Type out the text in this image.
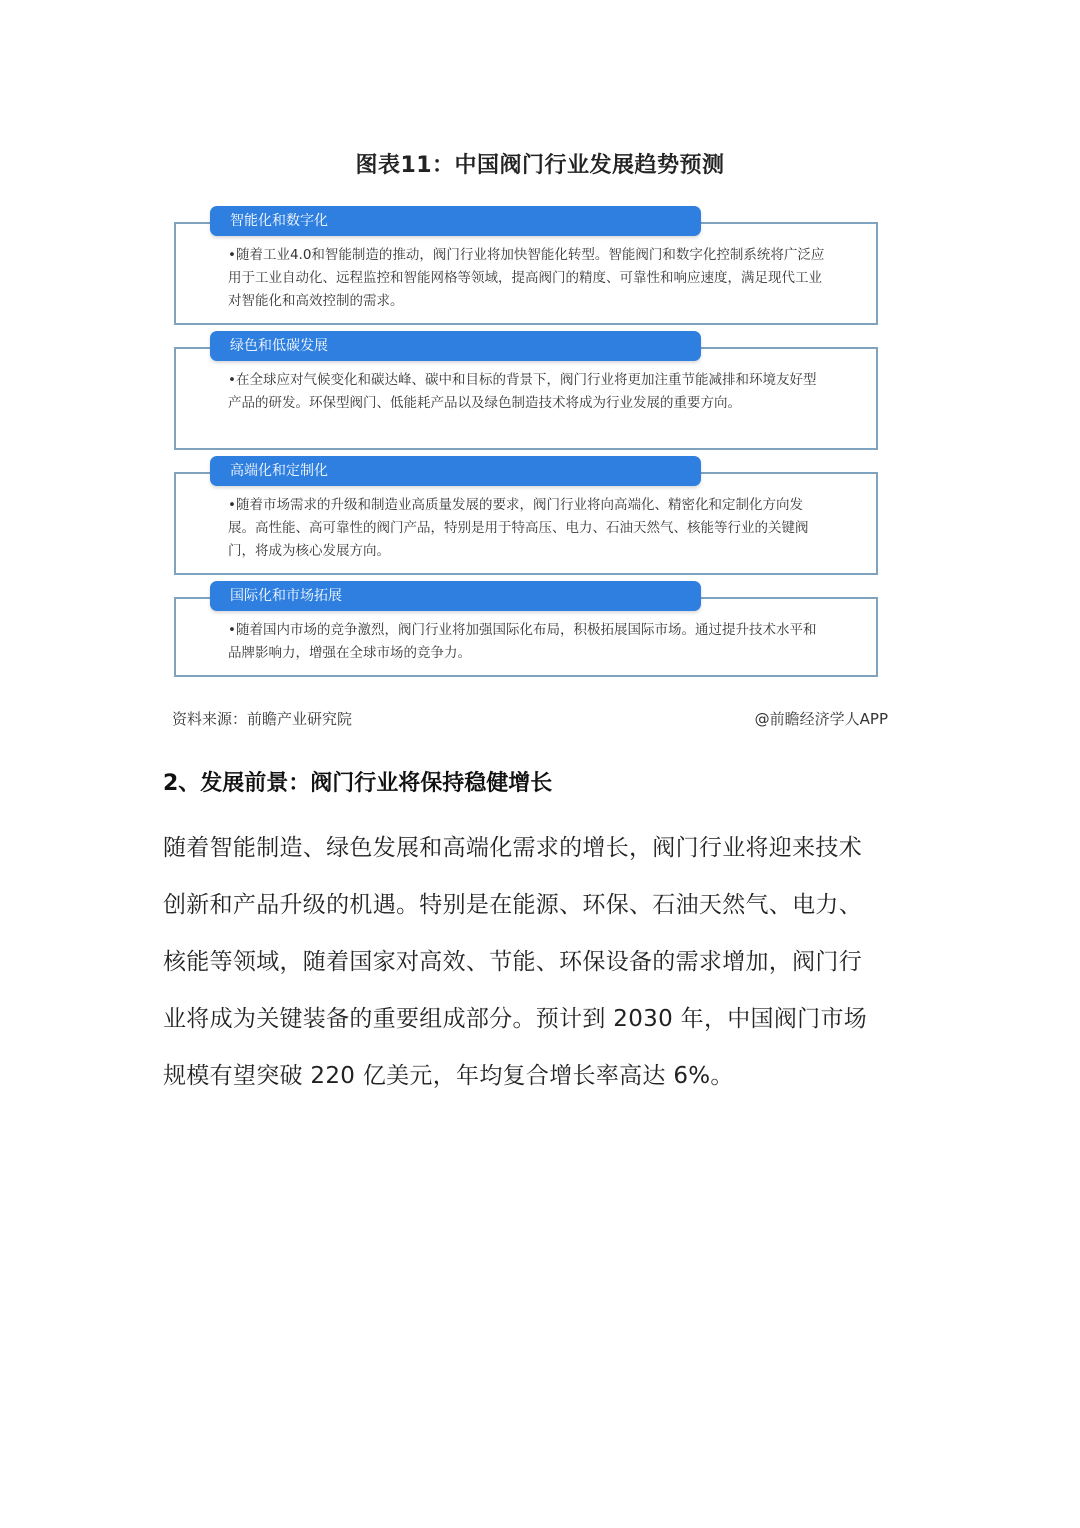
图表11：中国阀门行业发展趋势预测
智能化和数字化
•随着工业4.0和智能制造的推动，阀门行业将加快智能化转型。智能阀门和数字化控制系统将广泛应用于工业自动化、远程监控和智能网格等领域，提高阀门的精度、可靠性和响应速度，满足现代工业对智能化和高效控制的需求。
绿色和低碳发展
•在全球应对气候变化和碳达峰、碳中和目标的背景下，阀门行业将更加注重节能减排和环境友好型产品的研发。环保型阀门、低能耗产品以及绿色制造技术将成为行业发展的重要方向。
高端化和定制化
•随着市场需求的升级和制造业高质量发展的要求，阀门行业将向高端化、精密化和定制化方向发展。高性能、高可靠性的阀门产品，特别是用于特高压、电力、石油天然气、核能等行业的关键阀门，将成为核心发展方向。
国际化和市场拓展
•随着国内市场的竞争激烈，阀门行业将加强国际化布局，积极拓展国际市场。通过提升技术水平和品牌影响力，增强在全球市场的竞争力。
资料来源：前瞻产业研究院	@前瞻经济学人APP
2、发展前景：阀门行业将保持稳健增长
随着智能制造、绿色发展和高端化需求的增长，阀门行业将迎来技术
创新和产品升级的机遇。特别是在能源、环保、石油天然气、电力、
核能等领域，随着国家对高效、节能、环保设备的需求增加，阀门行
业将成为关键装备的重要组成部分。预计到 2030 年，中国阀门市场
规模有望突破 220 亿美元，年均复合增长率高达 6%。
